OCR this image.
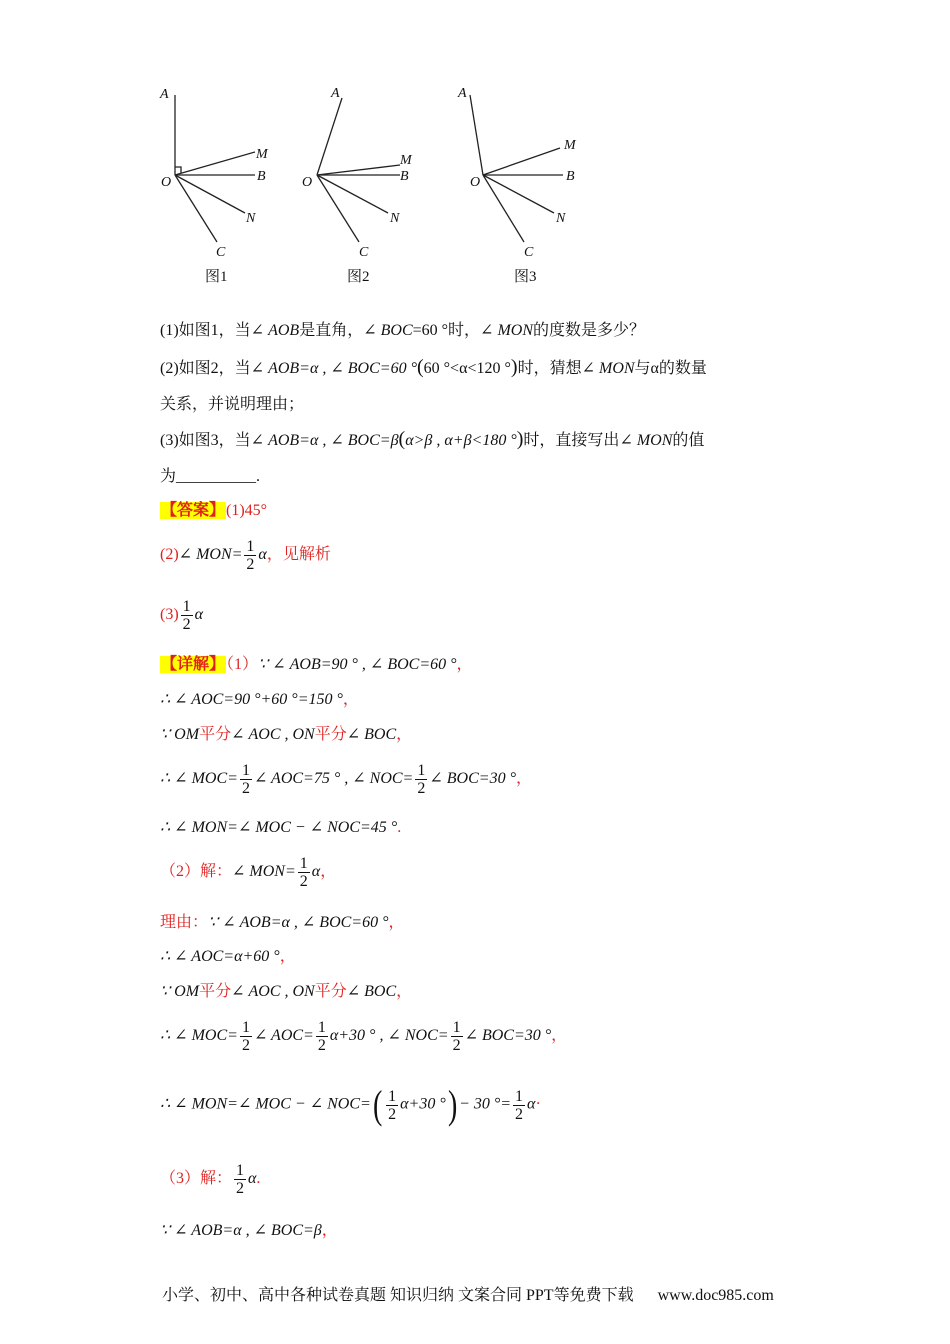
A
O
M
B
N
C
A
O
M
B
N
C
A
O
M
B
N
C
图1	图2	图3
(1)如图1，当∠ AOB是直角，∠ BOC=60 °时，∠ MON的度数是多少？
(2)如图2，当∠ AOB=α , ∠ BOC=60 °(60 °<α<120 °)时，猜想∠ MON与α的数量
关系，并说明理由；
(3)如图3，当∠ AOB=α , ∠ BOC=β(α>β , α+β<180 °)时，直接写出∠ MON的值
为__________.
【答案】(1)45°
(2)∠ $MON= \frac{1}{2}$ α，见解析
$(3) \frac{1}{2}$ α
【详解】（1）∵ ∠ AOB=90 ° , ∠ BOC=60 °，
∴ ∠ AOC=90 °+60 °=150 °，
∵ OM平分∠ AOC , ON平分∠ BOC，
∴ ∠ $MOC= \frac{1}{2}$ ∠ AOC=75 ° , ∠ $NOC= \frac{1}{2}$ ∠ BOC=30 °，
∴ ∠ MON=∠ MOC − ∠ NOC=45 °.
（2）解：∠ $MON= \frac{1}{2}$ α，
理由：∵ ∠ AOB=α , ∠ BOC=60 °，
∴ ∠ AOC=α+60 °，
∵ OM平分∠ AOC , ON平分∠ BOC，
∴ ∠ $MOC= \frac{1}{2}$ ∠ $AOC= \frac{1}{2} \alpha+30$ ° , ∠ $NOC= \frac{1}{2}$ ∠ BOC=30 °，
∴ ∠ MON=∠ MOC − ∠ $NOC=( \frac{1}{2} \alpha+30$ °) − 30 °= $\frac{1}{2} \alpha\cdot$
（3）解： $\frac{1}{2} \alpha$.
∵ ∠ AOB=α , ∠ BOC=β，
小学、初中、高中各种试卷真题 知识归纳 文案合同 PPT等免费下载 www.doc985.com
